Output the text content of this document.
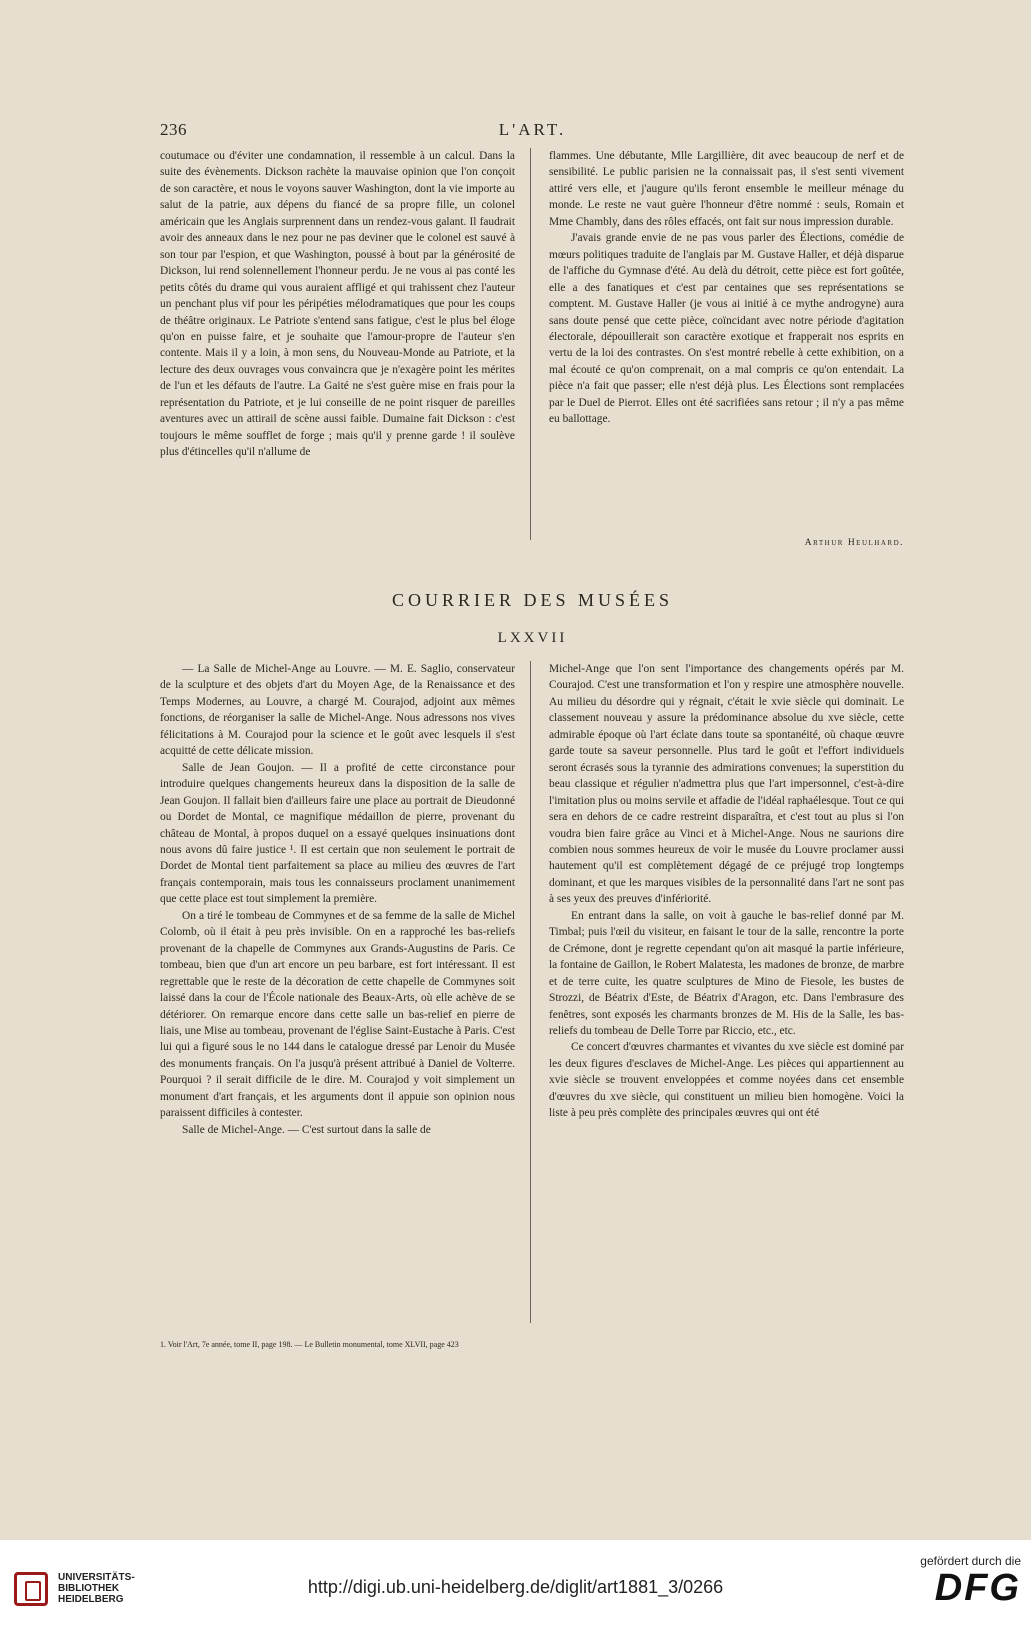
236	L'ART.

coutumace ou d'éviter une condamnation, il ressemble à un calcul. Dans la suite des évènements. Dickson rachète la mauvaise opinion que l'on conçoit de son caractère, et nous le voyons sauver Washington, dont la vie importe au salut de la patrie, aux dépens du fiancé de sa propre fille, un colonel américain que les Anglais surprennent dans un rendez-vous galant. Il faudrait avoir des anneaux dans le nez pour ne pas deviner que le colonel est sauvé à son tour par l'espion, et que Washington, poussé à bout par la générosité de Dickson, lui rend solennellement l'honneur perdu. Je ne vous ai pas conté les petits côtés du drame qui vous auraient affligé et qui trahissent chez l'auteur un penchant plus vif pour les péripéties mélodramatiques que pour les coups de théâtre originaux. Le Patriote s'entend sans fatigue, c'est le plus bel éloge qu'on en puisse faire, et je souhaite que l'amour-propre de l'auteur s'en contente. Mais il y a loin, à mon sens, du Nouveau-Monde au Patriote, et la lecture des deux ouvrages vous convaincra que je n'exagère point les mérites de l'un et les défauts de l'autre. La Gaité ne s'est guère mise en frais pour la représentation du Patriote, et je lui conseille de ne point risquer de pareilles aventures avec un attirail de scène aussi faible. Dumaine fait Dickson : c'est toujours le même soufflet de forge ; mais qu'il y prenne garde ! il soulève plus d'étincelles qu'il n'allume de

flammes. Une débutante, Mlle Largillière, dit avec beaucoup de nerf et de sensibilité. Le public parisien ne la connaissait pas, il s'est senti vivement attiré vers elle, et j'augure qu'ils feront ensemble le meilleur ménage du monde. Le reste ne vaut guère l'honneur d'être nommé : seuls, Romain et Mme Chambly, dans des rôles effacés, ont fait sur nous impression durable.

J'avais grande envie de ne pas vous parler des Élections, comédie de mœurs politiques traduite de l'anglais par M. Gustave Haller, et déjà disparue de l'affiche du Gymnase d'été. Au delà du détroit, cette pièce est fort goûtée, elle a des fanatiques et c'est par centaines que ses représentations se comptent. M. Gustave Haller (je vous ai initié à ce mythe androgyne) aura sans doute pensé que cette pièce, coïncidant avec notre période d'agitation électorale, dépouillerait son caractère exotique et frapperait nos esprits en vertu de la loi des contrastes. On s'est montré rebelle à cette exhibition, on a mal écouté ce qu'on comprenait, on a mal compris ce qu'on entendait. La pièce n'a fait que passer; elle n'est déjà plus. Les Élections sont remplacées par le Duel de Pierrot. Elles ont été sacrifiées sans retour ; il n'y a pas même eu ballottage.

Arthur Heulhard.
COURRIER DES MUSÉES
LXXVII

— La Salle de Michel-Ange au Louvre. — M. E. Saglio, conservateur de la sculpture et des objets d'art du Moyen Age, de la Renaissance et des Temps Modernes, au Louvre, a chargé M. Courajod, adjoint aux mêmes fonctions, de réorganiser la salle de Michel-Ange. Nous adressons nos vives félicitations à M. Courajod pour la science et le goût avec lesquels il s'est acquitté de cette délicate mission.

Salle de Jean Goujon. — Il a profité de cette circonstance pour introduire quelques changements heureux dans la disposition de la salle de Jean Goujon. Il fallait bien d'ailleurs faire une place au portrait de Dieudonné ou Dordet de Montal, ce magnifique médaillon de pierre, provenant du château de Montal, à propos duquel on a essayé quelques insinuations dont nous avons dû faire justice ¹. Il est certain que non seulement le portrait de Dordet de Montal tient parfaitement sa place au milieu des œuvres de l'art français contemporain, mais tous les connaisseurs proclament unanimement que cette place est tout simplement la première.

On a tiré le tombeau de Commynes et de sa femme de la salle de Michel Colomb, où il était à peu près invisible. On en a rapproché les bas-reliefs provenant de la chapelle de Commynes aux Grands-Augustins de Paris. Ce tombeau, bien que d'un art encore un peu barbare, est fort intéressant. Il est regrettable que le reste de la décoration de cette chapelle de Commynes soit laissé dans la cour de l'École nationale des Beaux-Arts, où elle achève de se détériorer. On remarque encore dans cette salle un bas-relief en pierre de liais, une Mise au tombeau, provenant de l'église Saint-Eustache à Paris. C'est lui qui a figuré sous le no 144 dans le catalogue dressé par Lenoir du Musée des monuments français. On l'a jusqu'à présent attribué à Daniel de Volterre. Pourquoi ? il serait difficile de le dire. M. Courajod y voit simplement un monument d'art français, et les arguments dont il appuie son opinion nous paraissent difficiles à contester.

Salle de Michel-Ange. — C'est surtout dans la salle de

Michel-Ange que l'on sent l'importance des changements opérés par M. Courajod. C'est une transformation et l'on y respire une atmosphère nouvelle. Au milieu du désordre qui y régnait, c'était le xvie siècle qui dominait. Le classement nouveau y assure la prédominance absolue du xve siècle, cette admirable époque où l'art éclate dans toute sa spontanéité, où chaque œuvre garde toute sa saveur personnelle. Plus tard le goût et l'effort individuels seront écrasés sous la tyrannie des admirations convenues; la superstition du beau classique et régulier n'admettra plus que l'art impersonnel, c'est-à-dire l'imitation plus ou moins servile et affadie de l'idéal raphaélesque. Tout ce qui sera en dehors de ce cadre restreint disparaîtra, et c'est tout au plus si l'on voudra bien faire grâce au Vinci et à Michel-Ange. Nous ne saurions dire combien nous sommes heureux de voir le musée du Louvre proclamer aussi hautement qu'il est complètement dégagé de ce préjugé trop longtemps dominant, et que les marques visibles de la personnalité dans l'art ne sont pas à ses yeux des preuves d'infériorité.

En entrant dans la salle, on voit à gauche le bas-relief donné par M. Timbal; puis l'œil du visiteur, en faisant le tour de la salle, rencontre la porte de Crémone, dont je regrette cependant qu'on ait masqué la partie inférieure, la fontaine de Gaillon, le Robert Malatesta, les madones de bronze, de marbre et de terre cuite, les quatre sculptures de Mino de Fiesole, les bustes de Strozzi, de Béatrix d'Este, de Béatrix d'Aragon, etc. Dans l'embrasure des fenêtres, sont exposés les charmants bronzes de M. His de la Salle, les bas-reliefs du tombeau de Delle Torre par Riccio, etc., etc.

Ce concert d'œuvres charmantes et vivantes du xve siècle est dominé par les deux figures d'esclaves de Michel-Ange. Les pièces qui appartiennent au xvie siècle se trouvent enveloppées et comme noyées dans cet ensemble d'œuvres du xve siècle, qui constituent un milieu bien homogène. Voici la liste à peu près complète des principales œuvres qui ont été

1. Voir l'Art, 7e année, tome II, page 198. — Le Bulletin monumental, tome XLVII, page 423
UNIVERSITÄTS-
BIBLIOTHEK
HEIDELBERG
http://digi.ub.uni-heidelberg.de/diglit/art1881_3/0266
gefördert durch die
DFG
